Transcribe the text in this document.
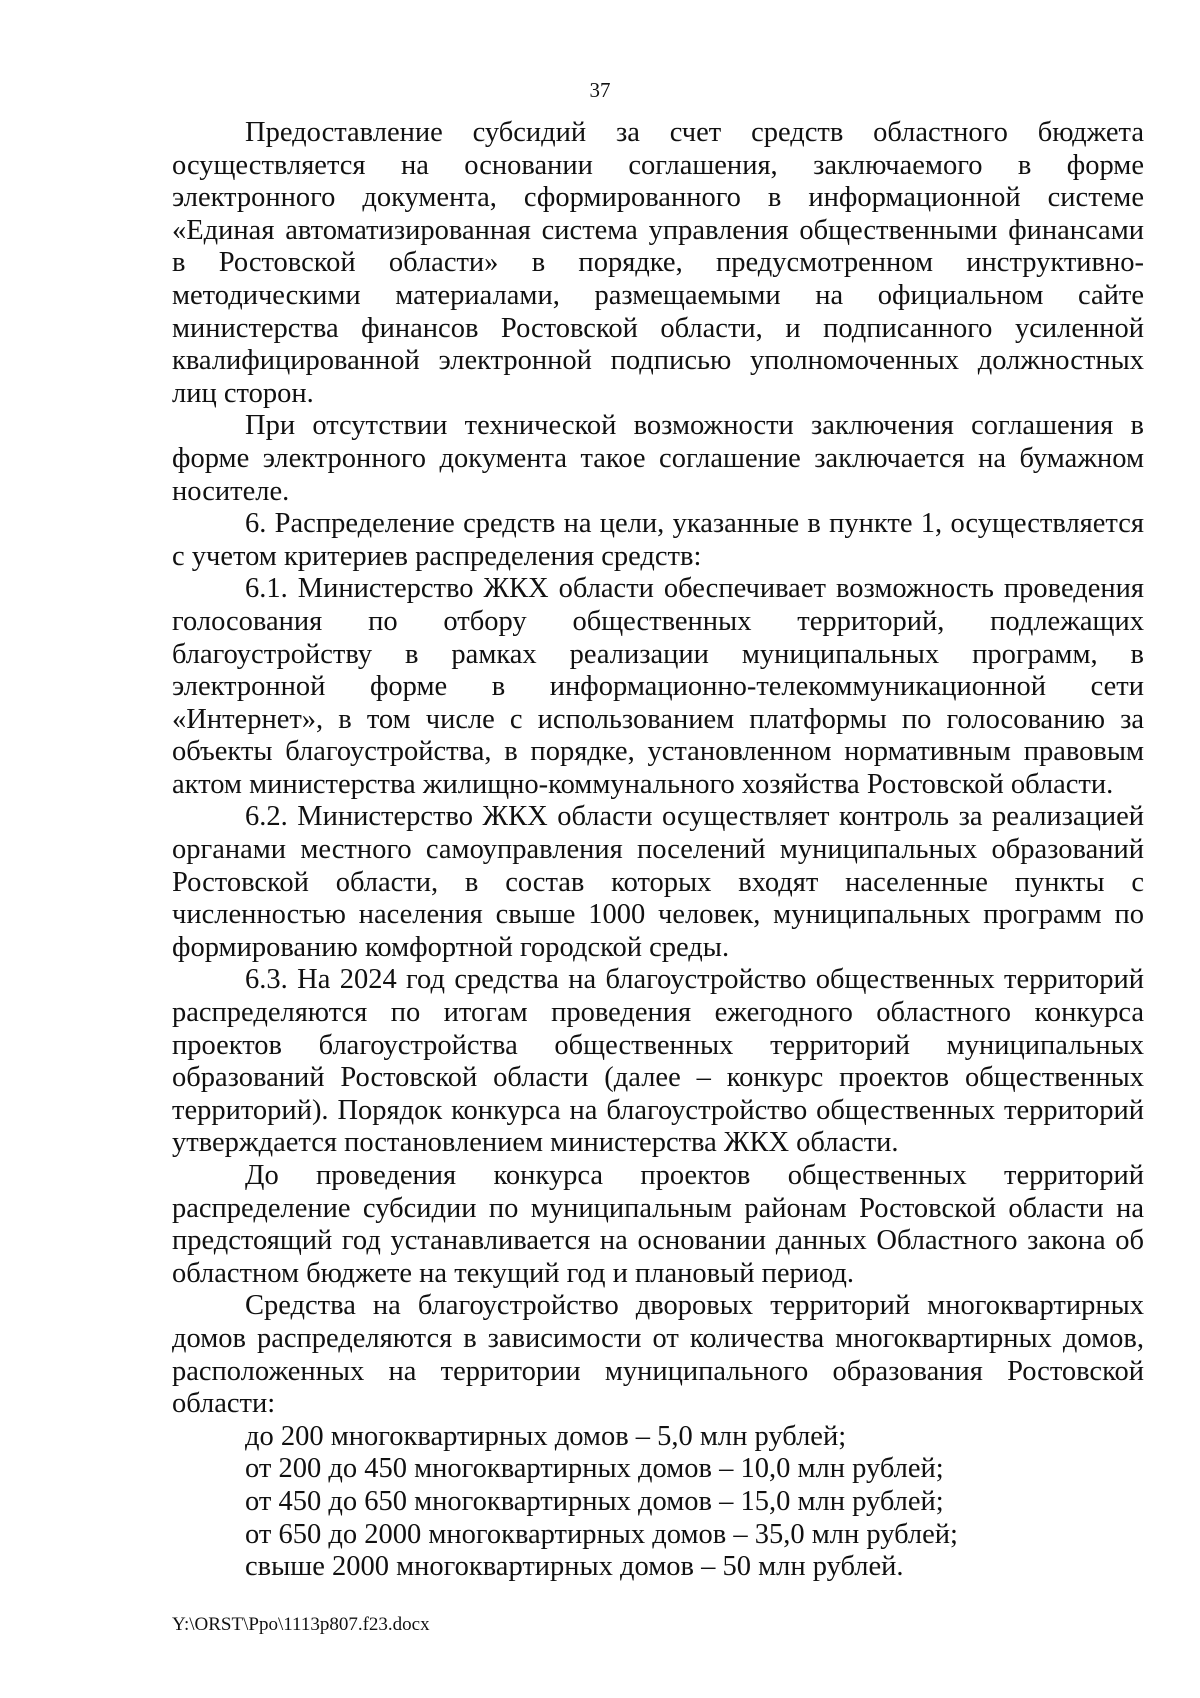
37

Предоставление субсидий за счет средств областного бюджета осуществляется на основании соглашения, заключаемого в форме электронного документа, сформированного в информационной системе «Единая автоматизированная система управления общественными финансами в Ростовской области» в порядке, предусмотренном инструктивно-методическими материалами, размещаемыми на официальном сайте министерства финансов Ростовской области, и подписанного усиленной квалифицированной электронной подписью уполномоченных должностных лиц сторон.

При отсутствии технической возможности заключения соглашения в форме электронного документа такое соглашение заключается на бумажном носителе.

6. Распределение средств на цели, указанные в пункте 1, осуществляется с учетом критериев распределения средств:

6.1. Министерство ЖКХ области обеспечивает возможность проведения голосования по отбору общественных территорий, подлежащих благоустройству в рамках реализации муниципальных программ, в электронной форме в информационно-телекоммуникационной сети «Интернет», в том числе с использованием платформы по голосованию за объекты благоустройства, в порядке, установленном нормативным правовым актом министерства жилищно-коммунального хозяйства Ростовской области.

6.2. Министерство ЖКХ области осуществляет контроль за реализацией органами местного самоуправления поселений муниципальных образований Ростовской области, в состав которых входят населенные пункты с численностью населения свыше 1000 человек, муниципальных программ по формированию комфортной городской среды.

6.3. На 2024 год средства на благоустройство общественных территорий распределяются по итогам проведения ежегодного областного конкурса проектов благоустройства общественных территорий муниципальных образований Ростовской области (далее – конкурс проектов общественных территорий). Порядок конкурса на благоустройство общественных территорий утверждается постановлением министерства ЖКХ области.

До проведения конкурса проектов общественных территорий распределение субсидии по муниципальным районам Ростовской области на предстоящий год устанавливается на основании данных Областного закона об областном бюджете на текущий год и плановый период.

Средства на благоустройство дворовых территорий многоквартирных домов распределяются в зависимости от количества многоквартирных домов, расположенных на территории муниципального образования Ростовской области:

до 200 многоквартирных домов – 5,0 млн рублей;

от 200 до 450 многоквартирных домов – 10,0 млн рублей;

от 450 до 650 многоквартирных домов – 15,0 млн рублей;

от 650 до 2000 многоквартирных домов – 35,0 млн рублей;

свыше 2000 многоквартирных домов – 50 млн рублей.

Y:\ORST\Ppo\1113p807.f23.docx
